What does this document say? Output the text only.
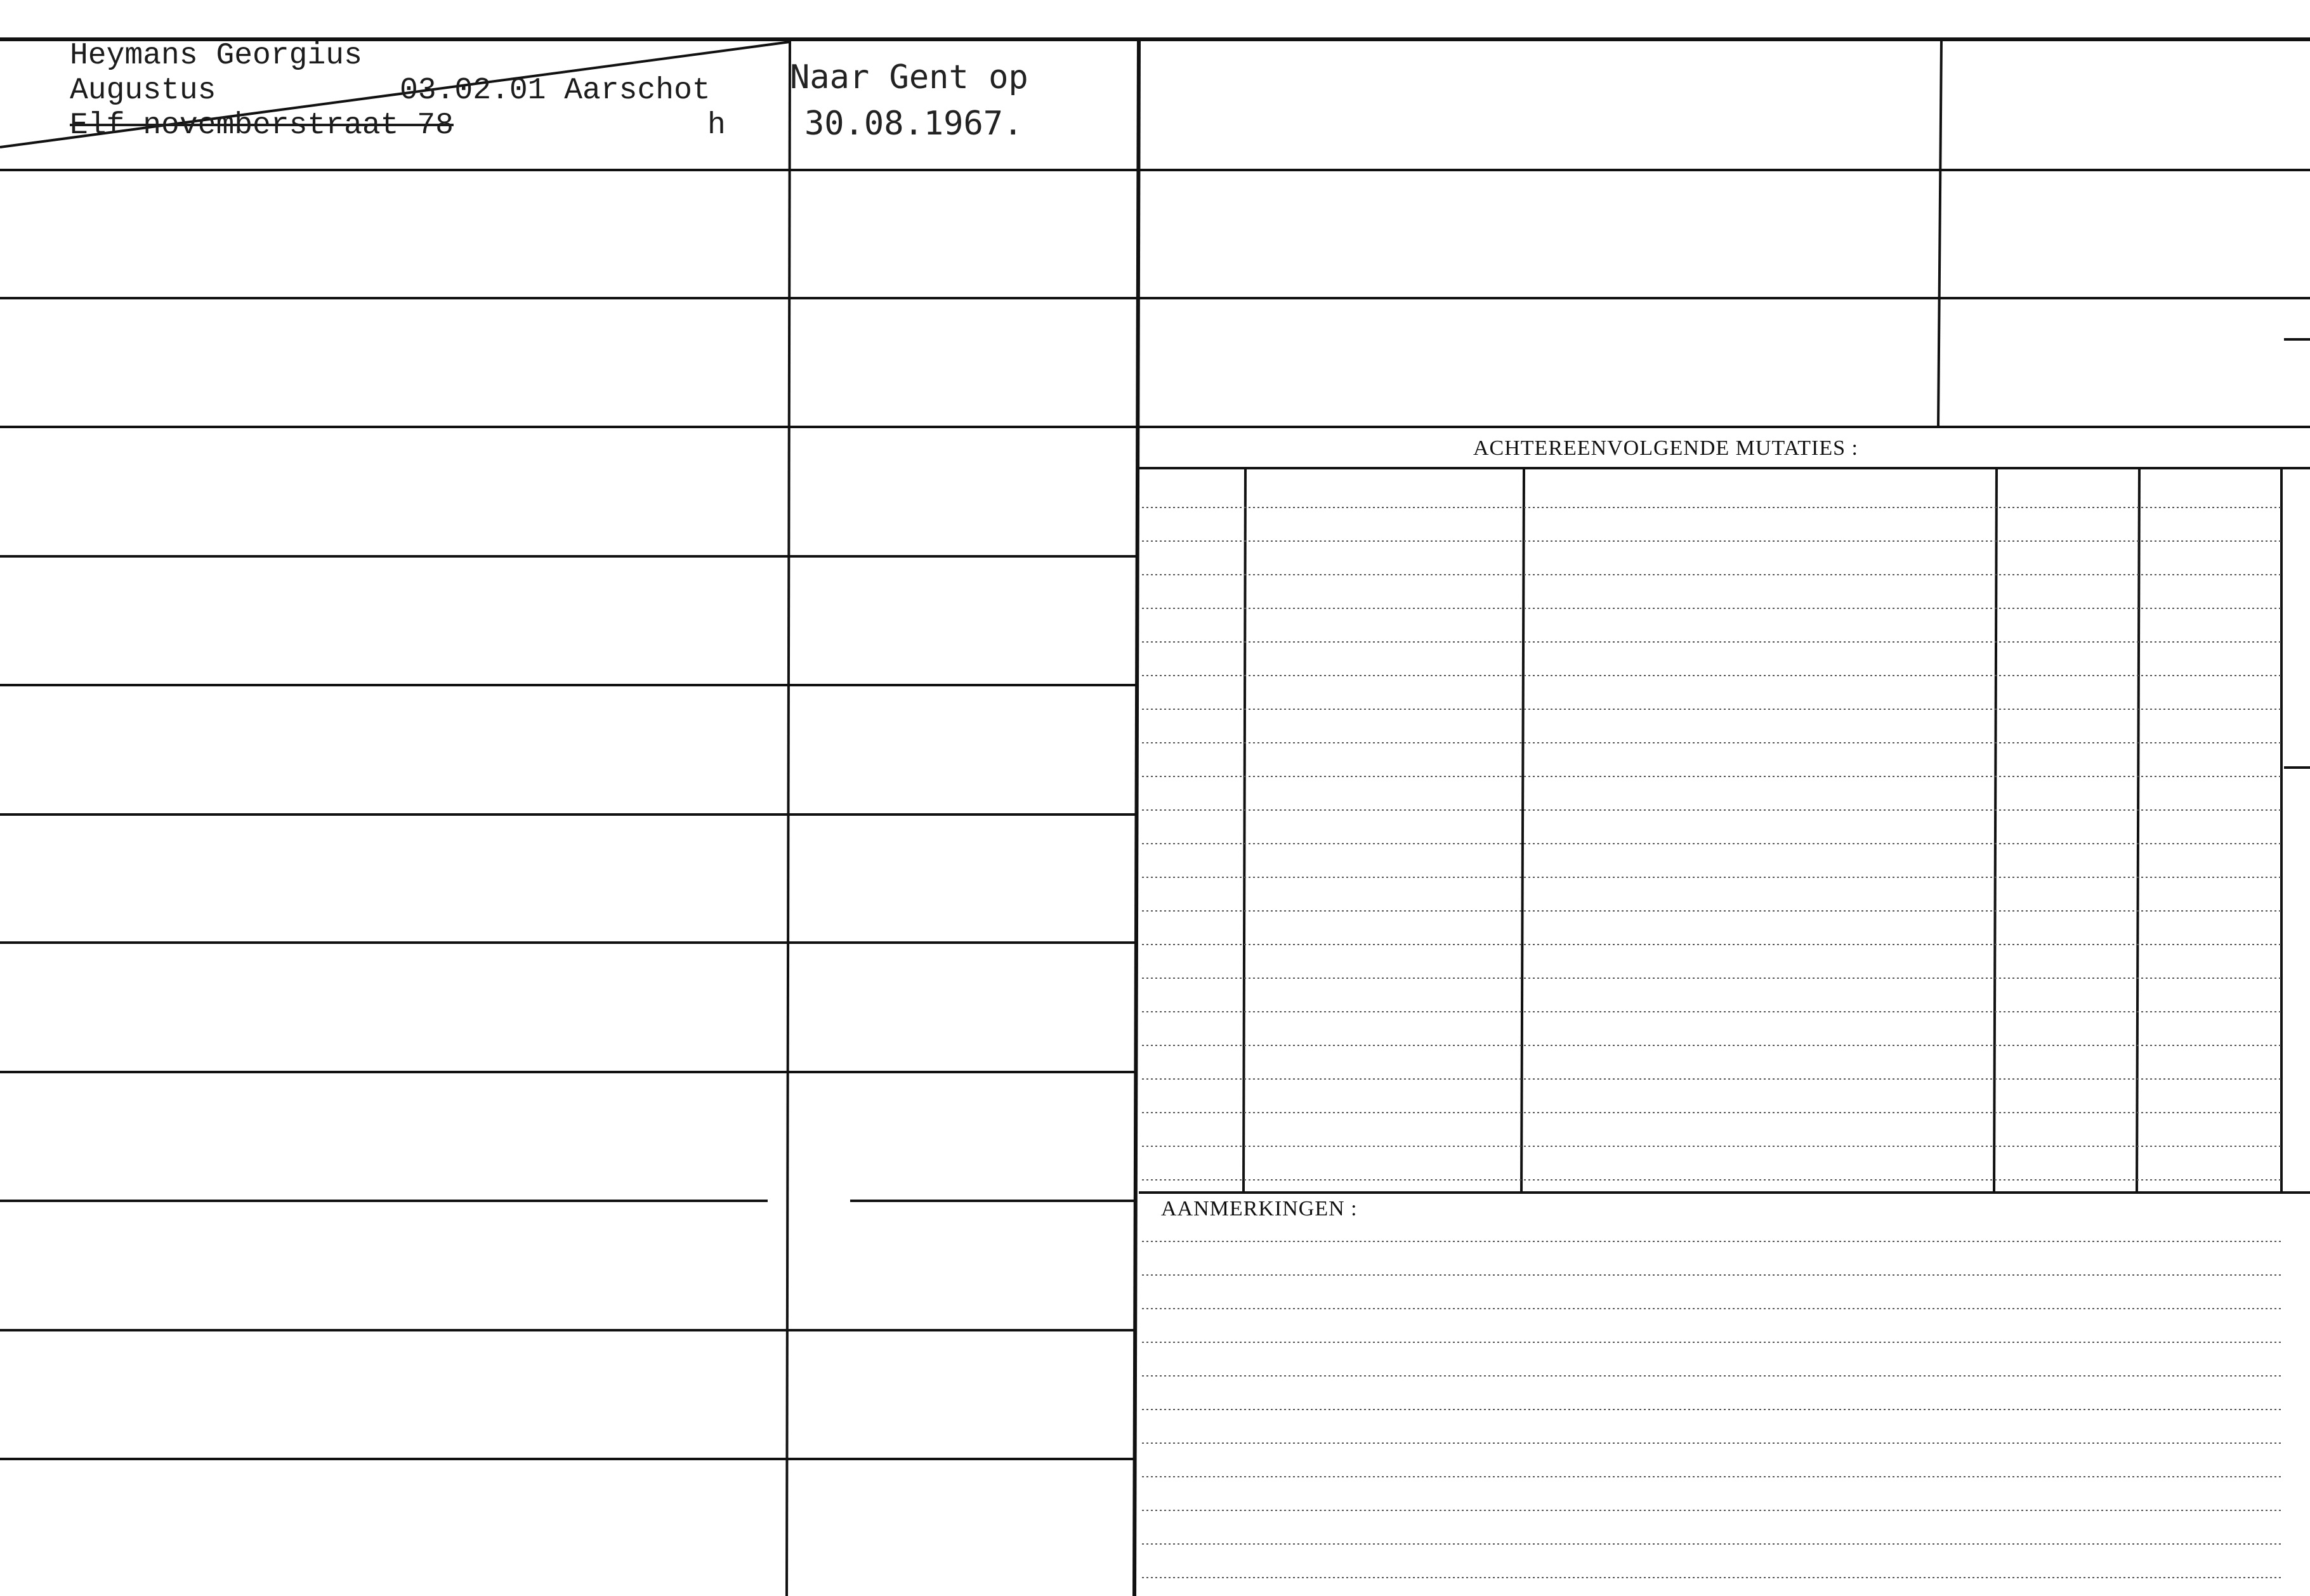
Heymans Georgius
Augustus	03.02.01 Aarschot
Elf novemberstraat 78	h
Naar Gent op
30.08.1967.
ACHTEREENVOLGENDE MUTATIES :
AANMERKINGEN :
